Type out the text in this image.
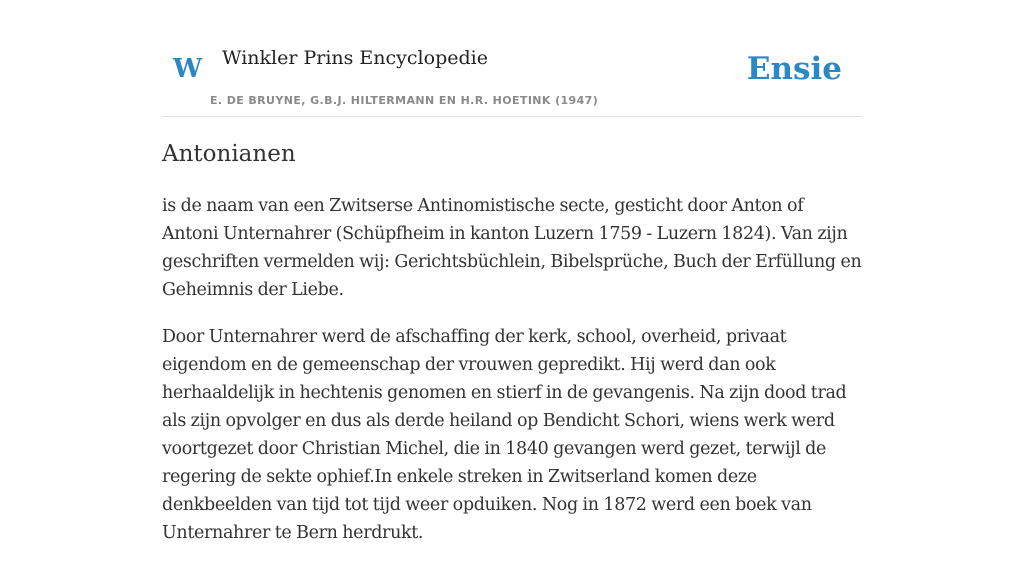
W Winkler Prins Encyclopedie
E. DE BRUYNE, G.B.J. HILTERMANN EN H.R. HOETINK (1947)
Ensie
Antonianen

is de naam van een Zwitserse Antinomistische secte, gesticht door Anton of Antoni Unternahrer (Schüpfheim in kanton Luzern 1759 - Luzern 1824). Van zijn geschriften vermelden wij: Gerichtsbüchlein, Bibelsprüche, Buch der Erfüllung en Geheimnis der Liebe.

Door Unternahrer werd de afschaffing der kerk, school, overheid, privaat eigendom en de gemeenschap der vrouwen gepredikt. Hij werd dan ook herhaaldelijk in hechtenis genomen en stierf in de gevangenis. Na zijn dood trad als zijn opvolger en dus als derde heiland op Bendicht Schori, wiens werk werd voortgezet door Christian Michel, die in 1840 gevangen werd gezet, terwijl de regering de sekte ophief.In enkele streken in Zwitserland komen deze denkbeelden van tijd tot tijd weer opduiken. Nog in 1872 werd een boek van Unternahrer te Bern herdrukt.
